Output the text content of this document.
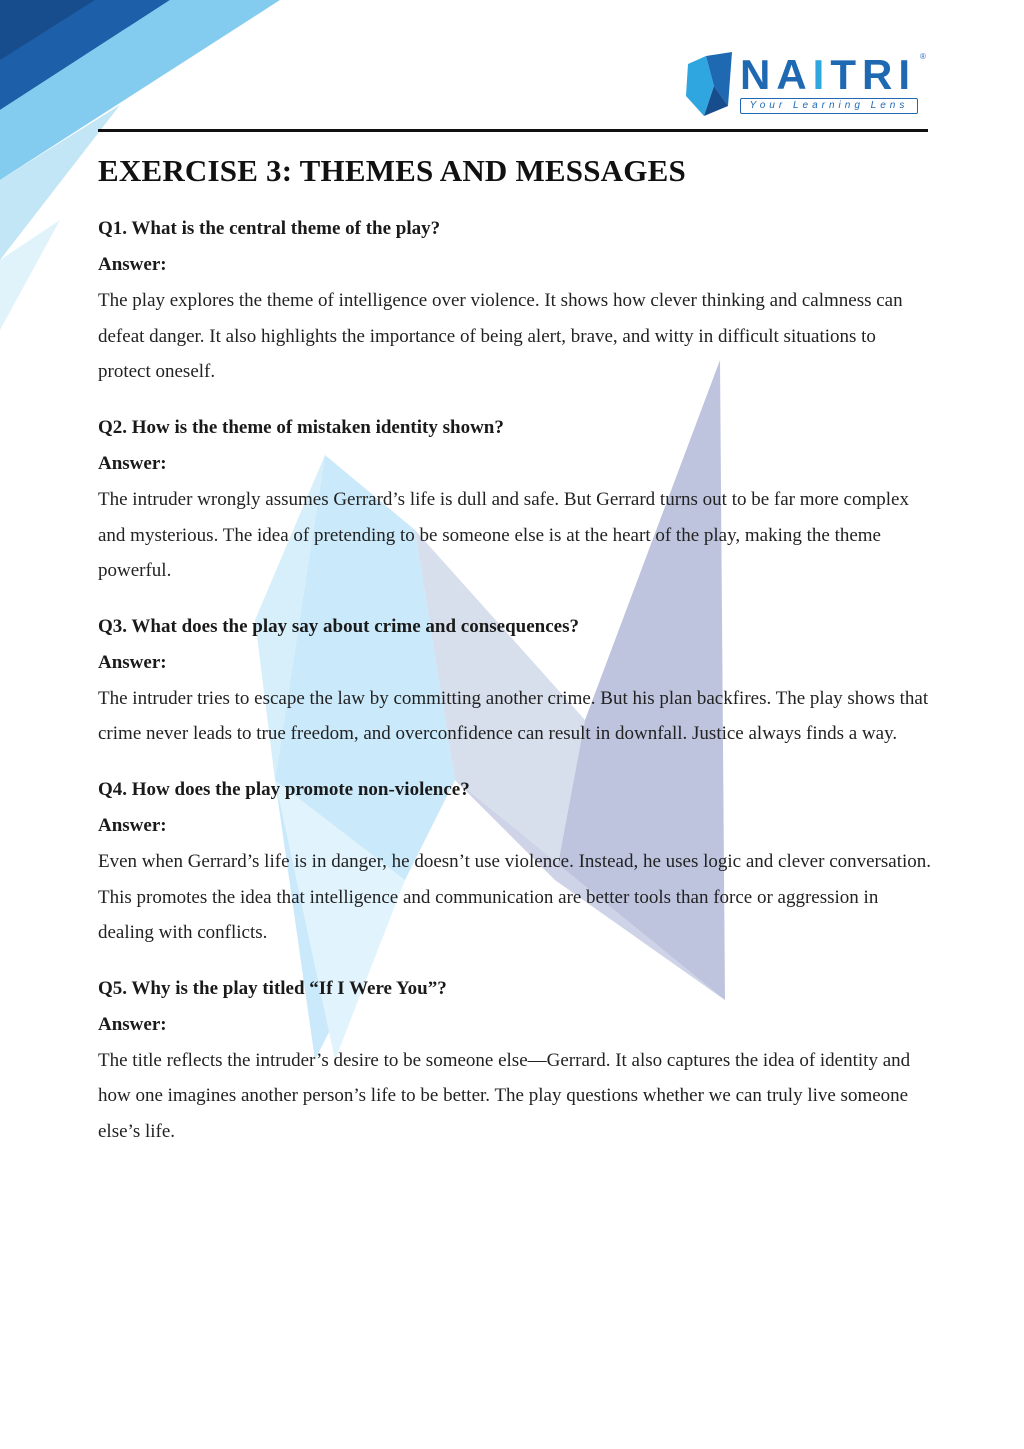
NAITRI ®
Your Learning Lens
EXERCISE 3: THEMES AND MESSAGES

Q1. What is the central theme of the play?

Answer:

The play explores the theme of intelligence over violence. It shows how clever thinking and calmness can defeat danger. It also highlights the importance of being alert, brave, and witty in difficult situations to protect oneself.

Q2. How is the theme of mistaken identity shown?

Answer:

The intruder wrongly assumes Gerrard’s life is dull and safe. But Gerrard turns out to be far more complex and mysterious. The idea of pretending to be someone else is at the heart of the play, making the theme powerful.

Q3. What does the play say about crime and consequences?

Answer:

The intruder tries to escape the law by committing another crime. But his plan backfires. The play shows that crime never leads to true freedom, and overconfidence can result in downfall. Justice always finds a way.

Q4. How does the play promote non-violence?

Answer:

Even when Gerrard’s life is in danger, he doesn’t use violence. Instead, he uses logic and clever conversation. This promotes the idea that intelligence and communication are better tools than force or aggression in dealing with conflicts.

Q5. Why is the play titled “If I Were You”?

Answer:

The title reflects the intruder’s desire to be someone else—Gerrard. It also captures the idea of identity and how one imagines another person’s life to be better. The play questions whether we can truly live someone else’s life.
